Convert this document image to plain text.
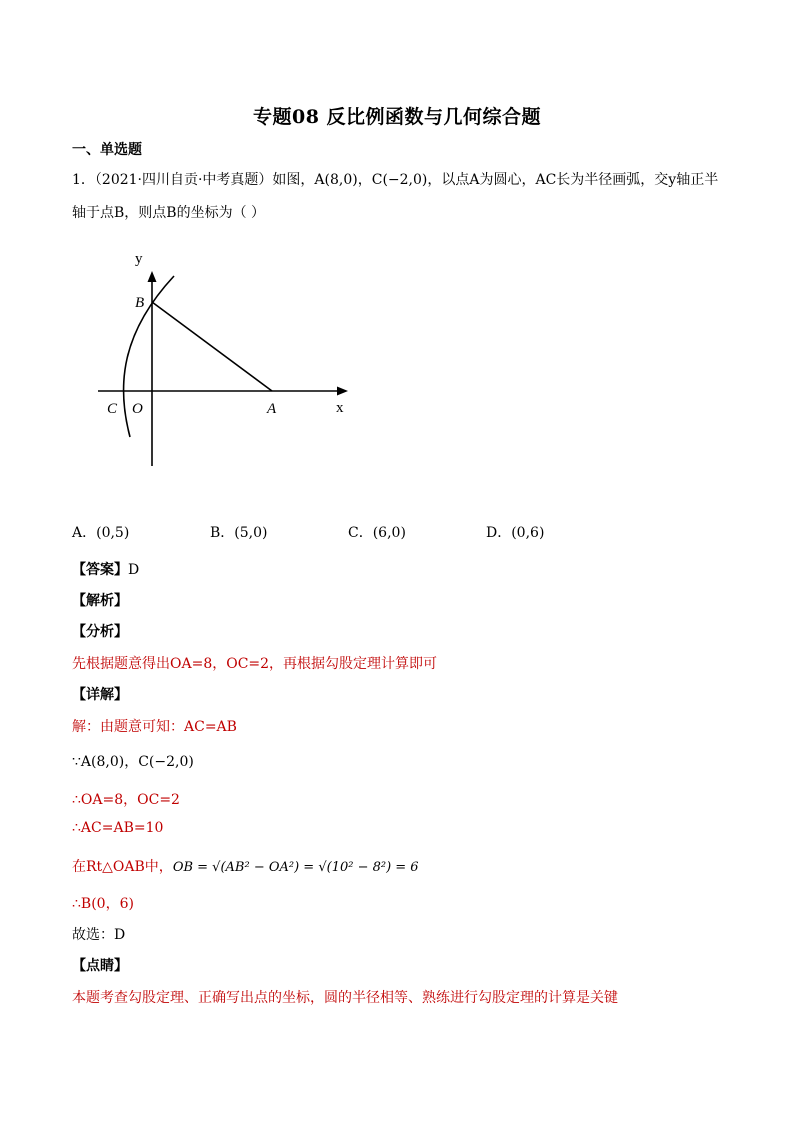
专题08 反比例函数与几何综合题
一、单选题
1．（2021·四川自贡·中考真题）如图，A(8,0)，C(−2,0)，以点A为圆心，AC长为半径画弧，交y轴正半
轴于点B，则点B的坐标为（ ）
y
x
B
C O	A
A．(0,5)	B．(5,0)	C．(6,0)	D．(0,6)
【答案】D
【解析】
【分析】
先根据题意得出OA=8，OC=2，再根据勾股定理计算即可
【详解】
解：由题意可知：AC=AB
∵A(8,0)，C(−2,0)
∴OA=8，OC=2
∴AC=AB=10
在Rt△OAB中，OB = √(AB² − OA²) = √(10² − 8²) = 6
∴B(0，6)
故选：D
【点睛】
本题考查勾股定理、正确写出点的坐标，圆的半径相等、熟练进行勾股定理的计算是关键
